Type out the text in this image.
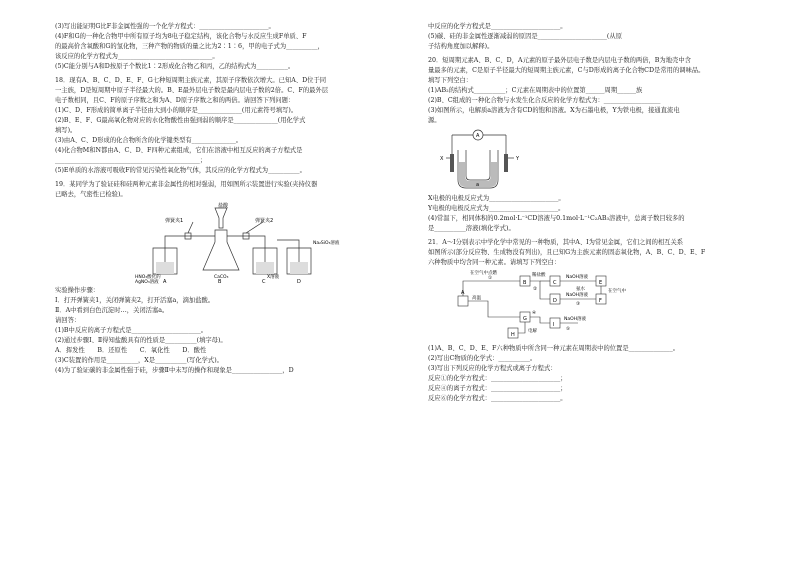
(3)写出能证明G比F非金属性强的一个化学方程式：______________________。
(4)F和G的一种化合物甲中所有原子均为8电子稳定结构，该化合物与水反应生成F单质、F
的最高价含氧酸和G的氢化物，三种产物的物质的量之比为2∶1∶6，甲的电子式为__________，
该反应的化学方程式为______________________________。
(5)C能分别与A和D按原子个数比1∶2形成化合物乙和丙，乙的结构式为__________。
18．现有A、B、C、D、E、F、G七种短周期主族元素，其原子序数依次增大。已知A、D位于同
一主族，D是短周期中原子半径最大的。B、E最外层电子数是最内层电子数的2倍。C、F的最外层
电子数相同，且C、F的原子序数之和为A、D原子序数之和的两倍。请回答下列问题：
(1)C、D、F形成的简单离子半径由大到小的顺序是______________(用元素符号填写)。
(2)B、E、F、G最高氧化物对应的水化物酸性由强到弱的顺序是______________(用化学式
填写)。
(3)由A、C、D形成的化合物所含的化学键类型有______________。
(4)化合物M和N都由A、C、D、F四种元素组成，它们在溶液中相互反应的离子方程式是
______________________________________________；
(5)E单质的水溶液可吸收F的常见污染性氧化物气体，其反应的化学方程式为__________。
19．某同学为了验证硅和硅两种元素非金属性的相对强弱，用如图所示装置进行实验(夹持仪器
已略去，气密性已检验)。
盐酸
弹簧夹1	弹簧夹2
HNO₃酸化的
AgNO₃溶液
CaCO₃	X溶液
Na₂SiO₃溶液
A	B	C	D
实验操作步骤：
Ⅰ．打开弹簧夹1，关闭弹簧夹2，打开活塞a，滴加盐酸。
Ⅱ．A中看到白色沉淀时…，关闭活塞a。
请回答：
(1)B中反应的离子方程式是______________________。
(2)通过步骤Ⅰ、Ⅱ得知盐酸具有的性质是__________(填字母)。
A．挥发性　　B．还原性　　C．氧化性　　D．酸性
(3)C装置的作用是__________，X是__________(写化学式)。
(4)为了验证碳的非金属性强于硅，步骤Ⅱ中未写的操作和现象是________________，D
中反应的化学方程式是______________________。
(5)碳、硅的非金属性逐渐减弱的原因是______________________(从原
子结构角度加以解释)。
20．短周期元素A、B、C、D，A元素的原子最外层电子数是内层电子数的两倍，B为地壳中含
量最多的元素，C是原子半径最大的短周期主族元素，C与D形成的离子化合物CD是常用的调味品。
填写下列空白：
(1)AB₂的结构式__________；C元素在周期表中的位置第______周期______族
(2)B、C组成的一种化合物与水发生化合反应的化学方程式为：__________________
(3)如图所示，电解质a溶液为含有CD的饱和溶液。X为石墨电极，Y为铁电极，接通直流电
源。
A
X	Y
a
X电极的电极反应式为______________________。
Y电极的电极反应式为______________________。
(4)常温下，相同体积的0.2mol·L⁻¹CD溶液与0.1mol·L⁻¹C₂AB₃溶液中，总离子数目较多的
是__________溶液(填化学式)。
21．A～I分别表示中学化学中常见的一种物质，其中A、I为常见金属，它们之间的相互关系
如图所示(部分反应物、生成物没有列出)，且已知G为主族元素的固态氧化物，A、B、C、D、E、F
六种物质中均含同一种元素。请填写下列空白：
A
B	C
D
E
F
G
H
I
在空气中点燃
高温
稀盐酸	NaOH溶液
NaOH溶液
NaOH溶液
氨水	在空气中
电解
①
②
③
④
⑤
(1)A、B、C、D、E、F六种物质中所含同一种元素在周期表中的位置是______________。
(2)写出C物质的化学式：__________。
(3)写出下列反应的化学方程式或离子方程式：
反应①的化学方程式：______________________；
反应④的离子方程式：______________________；
反应⑥的化学方程式：______________________。
